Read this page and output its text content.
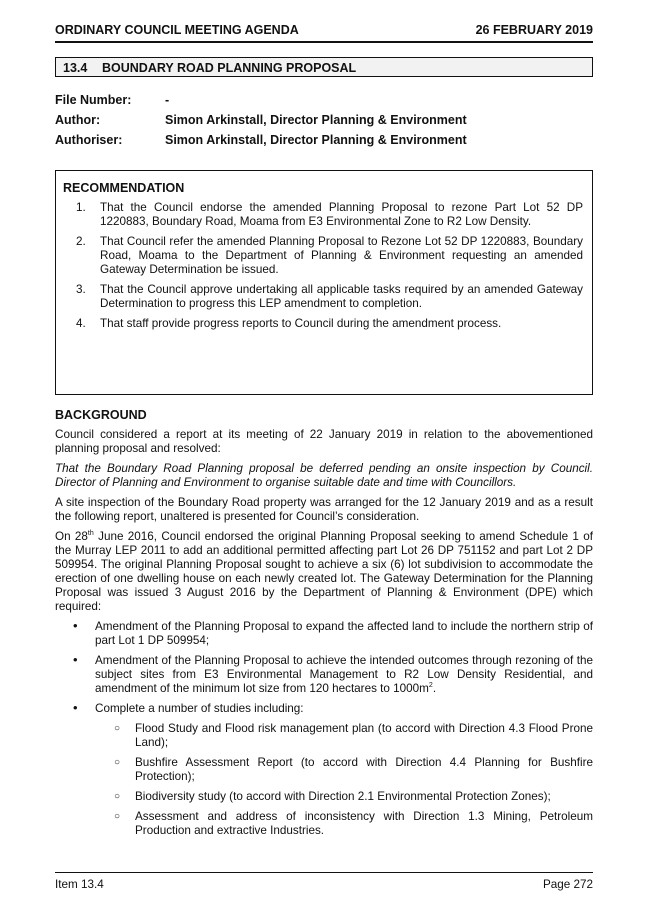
ORDINARY COUNCIL MEETING AGENDA	26 FEBRUARY 2019
13.4 BOUNDARY ROAD PLANNING PROPOSAL
File Number:	-
Author:	Simon Arkinstall, Director Planning & Environment
Authoriser:	Simon Arkinstall, Director Planning & Environment
RECOMMENDATION
1. That the Council endorse the amended Planning Proposal to rezone Part Lot 52 DP 1220883, Boundary Road, Moama from E3 Environmental Zone to R2 Low Density.
2. That Council refer the amended Planning Proposal to Rezone Lot 52 DP 1220883, Boundary Road, Moama to the Department of Planning & Environment requesting an amended Gateway Determination be issued.
3. That the Council approve undertaking all applicable tasks required by an amended Gateway Determination to progress this LEP amendment to completion.
4. That staff provide progress reports to Council during the amendment process.
BACKGROUND

Council considered a report at its meeting of 22 January 2019 in relation to the abovementioned planning proposal and resolved:

That the Boundary Road Planning proposal be deferred pending an onsite inspection by Council. Director of Planning and Environment to organise suitable date and time with Councillors.

A site inspection of the Boundary Road property was arranged for the 12 January 2019 and as a result the following report, unaltered is presented for Council’s consideration.

On 28th June 2016, Council endorsed the original Planning Proposal seeking to amend Schedule 1 of the Murray LEP 2011 to add an additional permitted affecting part Lot 26 DP 751152 and part Lot 2 DP 509954. The original Planning Proposal sought to achieve a six (6) lot subdivision to accommodate the erection of one dwelling house on each newly created lot. The Gateway Determination for the Planning Proposal was issued 3 August 2016 by the Department of Planning & Environment (DPE) which required:

• Amendment of the Planning Proposal to expand the affected land to include the northern strip of part Lot 1 DP 509954;
• Amendment of the Planning Proposal to achieve the intended outcomes through rezoning of the subject sites from E3 Environmental Management to R2 Low Density Residential, and amendment of the minimum lot size from 120 hectares to $1000m^2$.
• Complete a number of studies including:
○ Flood Study and Flood risk management plan (to accord with Direction 4.3 Flood Prone Land);
○ Bushfire Assessment Report (to accord with Direction 4.4 Planning for Bushfire Protection);
○ Biodiversity study (to accord with Direction 2.1 Environmental Protection Zones);
○ Assessment and address of inconsistency with Direction 1.3 Mining, Petroleum Production and extractive Industries.
Item 13.4	Page 272
